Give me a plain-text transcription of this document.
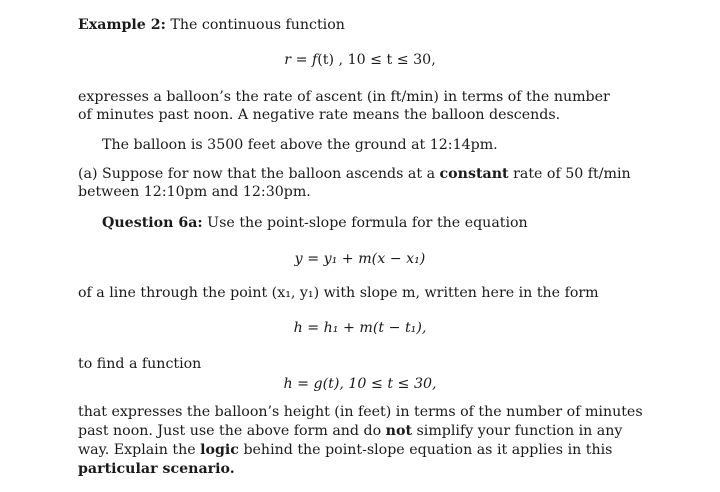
Example 2: The continuous function
r = f(t) , 10 ≤ t ≤ 30,
expresses a balloon’s the rate of ascent (in ft/min) in terms of the number
of minutes past noon. A negative rate means the balloon descends.
The balloon is 3500 feet above the ground at 12:14pm.
(a) Suppose for now that the balloon ascends at a constant rate of 50 ft/min
between 12:10pm and 12:30pm.
Question 6a: Use the point-slope formula for the equation
y = y₁ + m(x − x₁)
of a line through the point (x₁, y₁) with slope m, written here in the form
h = h₁ + m(t − t₁),
to find a function
h = g(t), 10 ≤ t ≤ 30,
that expresses the balloon’s height (in feet) in terms of the number of minutes
past noon. Just use the above form and do not simplify your function in any
way. Explain the logic behind the point-slope equation as it applies in this
particular scenario.
